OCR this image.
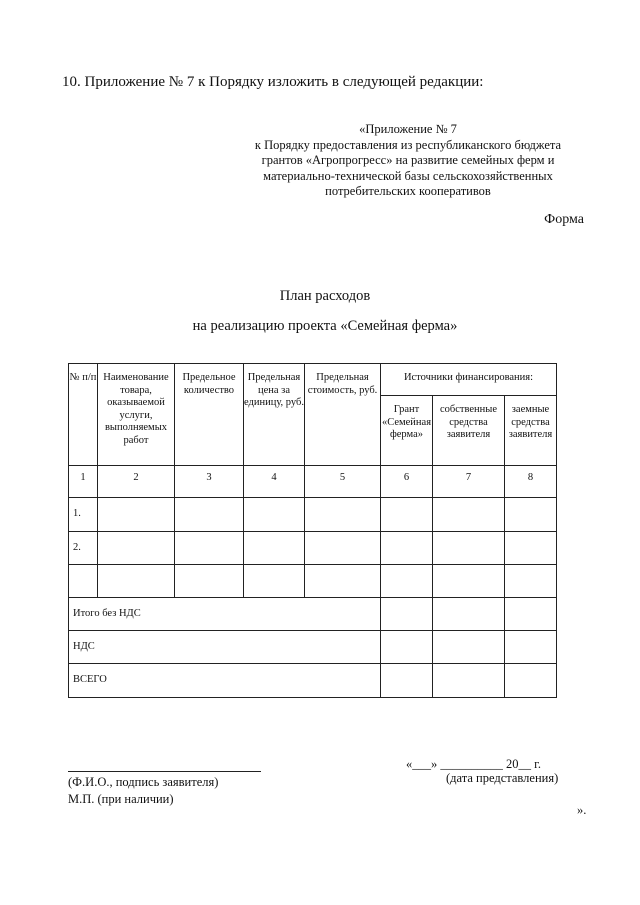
10. Приложение № 7 к Порядку изложить в следующей редакции:
«Приложение № 7
к Порядку предоставления из республиканского бюджета
грантов «Агропрогресс» на развитие семейных ферм и
материально-технической базы сельскохозяйственных
потребительских кооперативов
Форма
План расходов
на реализацию проекта «Семейная ферма»
№ п/п	Наименование товара, оказываемой услуги, выполняемых работ	Предельное количество	Предельная цена за единицу, руб.	Предельная стоимость, руб.	Источники финансирования:		
					Грант «Семейная ферма»	собственные средства заявителя	заемные средства заявителя
1	2	3	4	5	6	7	8
1.							
2.							

Итого без НДС							
НДС							
ВСЕГО							
«___» __________ 20__ г.
(Ф.И.О., подпись заявителя)	(дата представления)
М.П. (при наличии)
».
